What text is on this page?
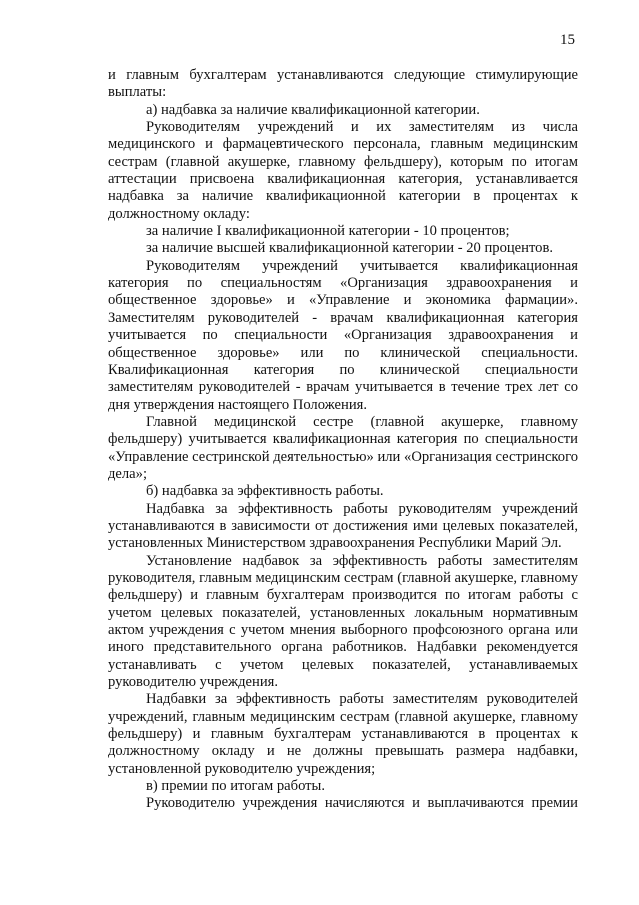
15

и главным бухгалтерам устанавливаются следующие стимулирующие выплаты:

а) надбавка за наличие квалификационной категории.

Руководителям учреждений и их заместителям из числа медицинского и фармацевтического персонала, главным медицинским сестрам (главной акушерке, главному фельдшеру), которым по итогам аттестации присвоена квалификационная категория, устанавливается надбавка за наличие квалификационной категории в процентах к должностному окладу:

за наличие I квалификационной категории - 10 процентов;

за наличие высшей квалификационной категории - 20 процентов.

Руководителям учреждений учитывается квалификационная категория по специальностям «Организация здравоохранения и общественное здоровье» и «Управление и экономика фармации». Заместителям руководителей - врачам квалификационная категория учитывается по специальности «Организация здравоохранения и общественное здоровье» или по клинической специальности. Квалификационная категория по клинической специальности заместителям руководителей - врачам учитывается в течение трех лет со дня утверждения настоящего Положения.

Главной медицинской сестре (главной акушерке, главному фельдшеру) учитывается квалификационная категория по специальности «Управление сестринской деятельностью» или «Организация сестринского дела»;

б) надбавка за эффективность работы.

Надбавка за эффективность работы руководителям учреждений устанавливаются в зависимости от достижения ими целевых показателей, установленных Министерством здравоохранения Республики Марий Эл.

Установление надбавок за эффективность работы заместителям руководителя, главным медицинским сестрам (главной акушерке, главному фельдшеру) и главным бухгалтерам производится по итогам работы с учетом целевых показателей, установленных локальным нормативным актом учреждения с учетом мнения выборного профсоюзного органа или иного представительного органа работников. Надбавки рекомендуется устанавливать с учетом целевых показателей, устанавливаемых руководителю учреждения.

Надбавки за эффективность работы заместителям руководителей учреждений, главным медицинским сестрам (главной акушерке, главному фельдшеру) и главным бухгалтерам устанавливаются в процентах к должностному окладу и не должны превышать размера надбавки, установленной руководителю учреждения;

в) премии по итогам работы.

Руководителю учреждения начисляются и выплачиваются премии
